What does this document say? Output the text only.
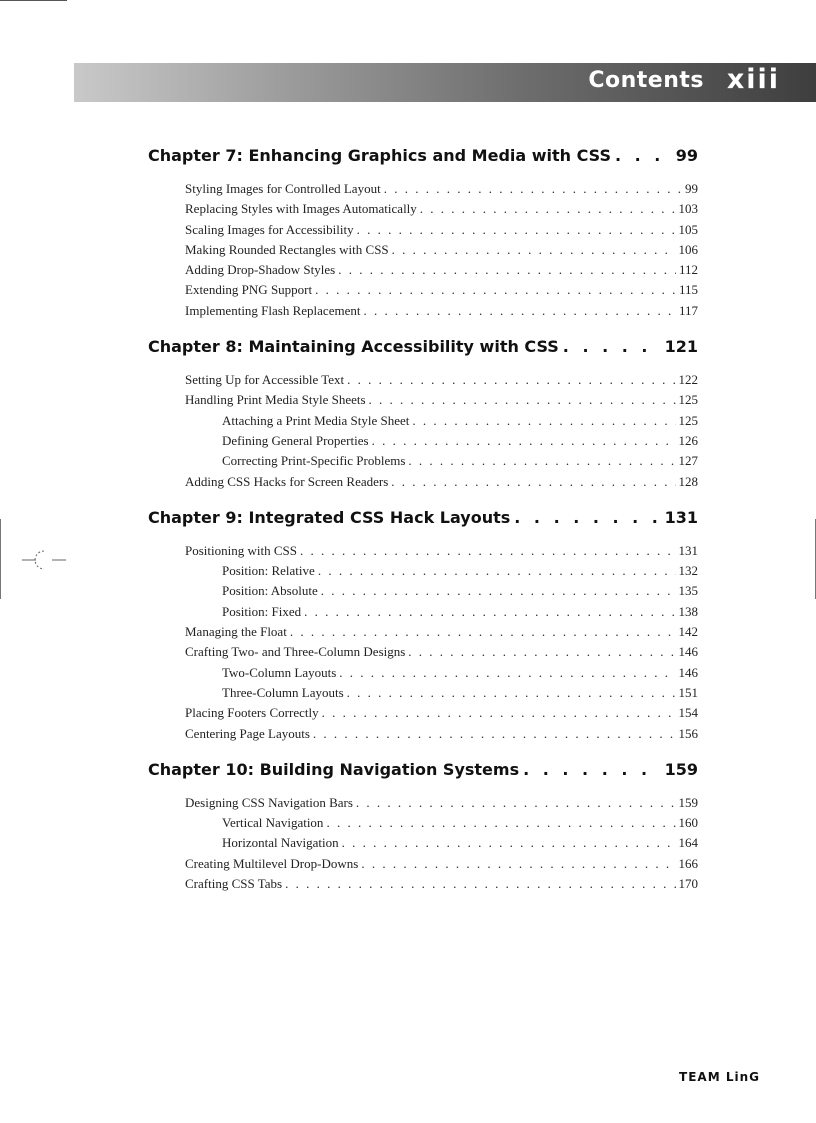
Contents xiii
Chapter 7: Enhancing Graphics and Media with CSS . . .	99
Styling Images for Controlled Layout . . .	99
Replacing Styles with Images Automatically . . .	103
Scaling Images for Accessibility . . .	105
Making Rounded Rectangles with CSS . . .	106
Adding Drop-Shadow Styles . . .	112
Extending PNG Support . . .	115
Implementing Flash Replacement . . .	117
Chapter 8: Maintaining Accessibility with CSS . . .	121
Setting Up for Accessible Text . . .	122
Handling Print Media Style Sheets . . .	125
Attaching a Print Media Style Sheet . . .	125
Defining General Properties . . .	126
Correcting Print-Specific Problems . . .	127
Adding CSS Hacks for Screen Readers . . .	128
Chapter 9: Integrated CSS Hack Layouts . . .	131
Positioning with CSS . . .	131
Position: Relative . . .	132
Position: Absolute . . .	135
Position: Fixed . . .	138
Managing the Float . . .	142
Crafting Two- and Three-Column Designs . . .	146
Two-Column Layouts . . .	146
Three-Column Layouts . . .	151
Placing Footers Correctly . . .	154
Centering Page Layouts . . .	156
Chapter 10: Building Navigation Systems . . .	159
Designing CSS Navigation Bars . . .	159
Vertical Navigation . . .	160
Horizontal Navigation . . .	164
Creating Multilevel Drop-Downs . . .	166
Crafting CSS Tabs . . .	170
TEAM LinG
